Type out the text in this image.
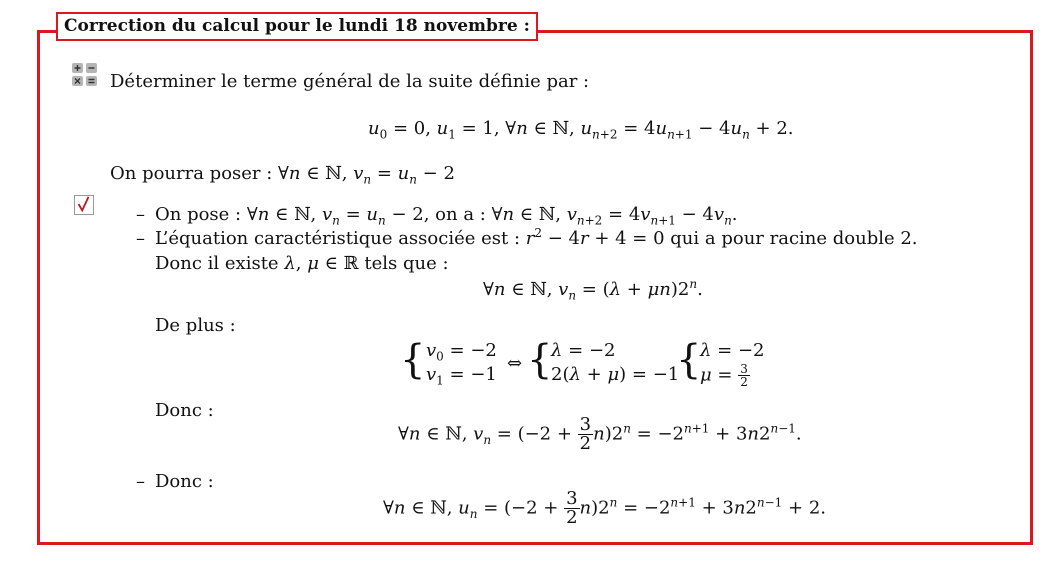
Correction du calcul pour le lundi 18 novembre :
Déterminer le terme général de la suite définie par :
$u_0 = 0$, $u_1 = 1$, ∀n ∈ ℕ, $u_{n+2} = 4u_{n+1} - 4u_n + 2$.
On pourra poser : ∀n ∈ ℕ, $v_n = u_n - 2$
– On pose : ∀n ∈ ℕ, $v_n = u_n - 2$, on a : ∀n ∈ ℕ, $v_{n+2} = 4v_{n+1} - 4v_n$.
– L’équation caractéristique associée est : $r^2 - 4r + 4 = 0$ qui a pour racine double 2.
Donc il existe λ, μ ∈ ℝ tels que :
∀n ∈ ℕ, $v_n = (\lambda + \mu n)2^n$.
De plus :
{ $v_0 = -2$
$v_1 = -1$
⇔ {
λ = −2
2(λ + μ) = −1
{
λ = −2
$\mu = \frac{3}{2}$
Donc :
∀n ∈ ℕ, $v_n = (-2 + \frac{3}{2} n)2^n = -2^{n+1} + 3n2^{n-1}$.
– Donc :
∀n ∈ ℕ, $u_n = (-2 + \frac{3}{2} n)2^n = -2^{n+1} + 3n2^{n-1} + 2$.
